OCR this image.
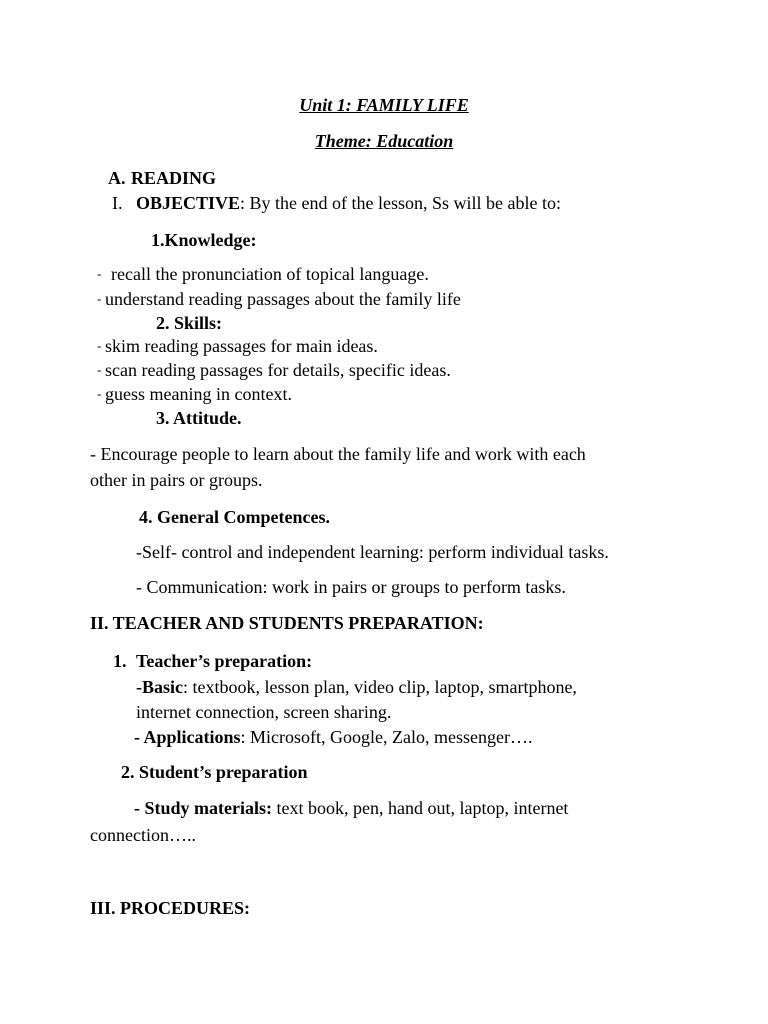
Unit 1: FAMILY LIFE
Theme: Education
A. READING
I. OBJECTIVE: By the end of the lesson, Ss will be able to:
1.Knowledge:
- recall the pronunciation of topical language.
- understand reading passages about the family life
2. Skills:
- skim reading passages for main ideas.
- scan reading passages for details, specific ideas.
- guess meaning in context.
3. Attitude.
- Encourage people to learn about the family life and work with each
other in pairs or groups.
4. General Competences.
-Self- control and independent learning: perform individual tasks.
- Communication: work in pairs or groups to perform tasks.
II. TEACHER AND STUDENTS PREPARATION:
1. Teacher’s preparation:
-Basic: textbook, lesson plan, video clip, laptop, smartphone,
internet connection, screen sharing.
- Applications: Microsoft, Google, Zalo, messenger….
2. Student’s preparation
- Study materials: text book, pen, hand out, laptop, internet
connection…..
III. PROCEDURES:
